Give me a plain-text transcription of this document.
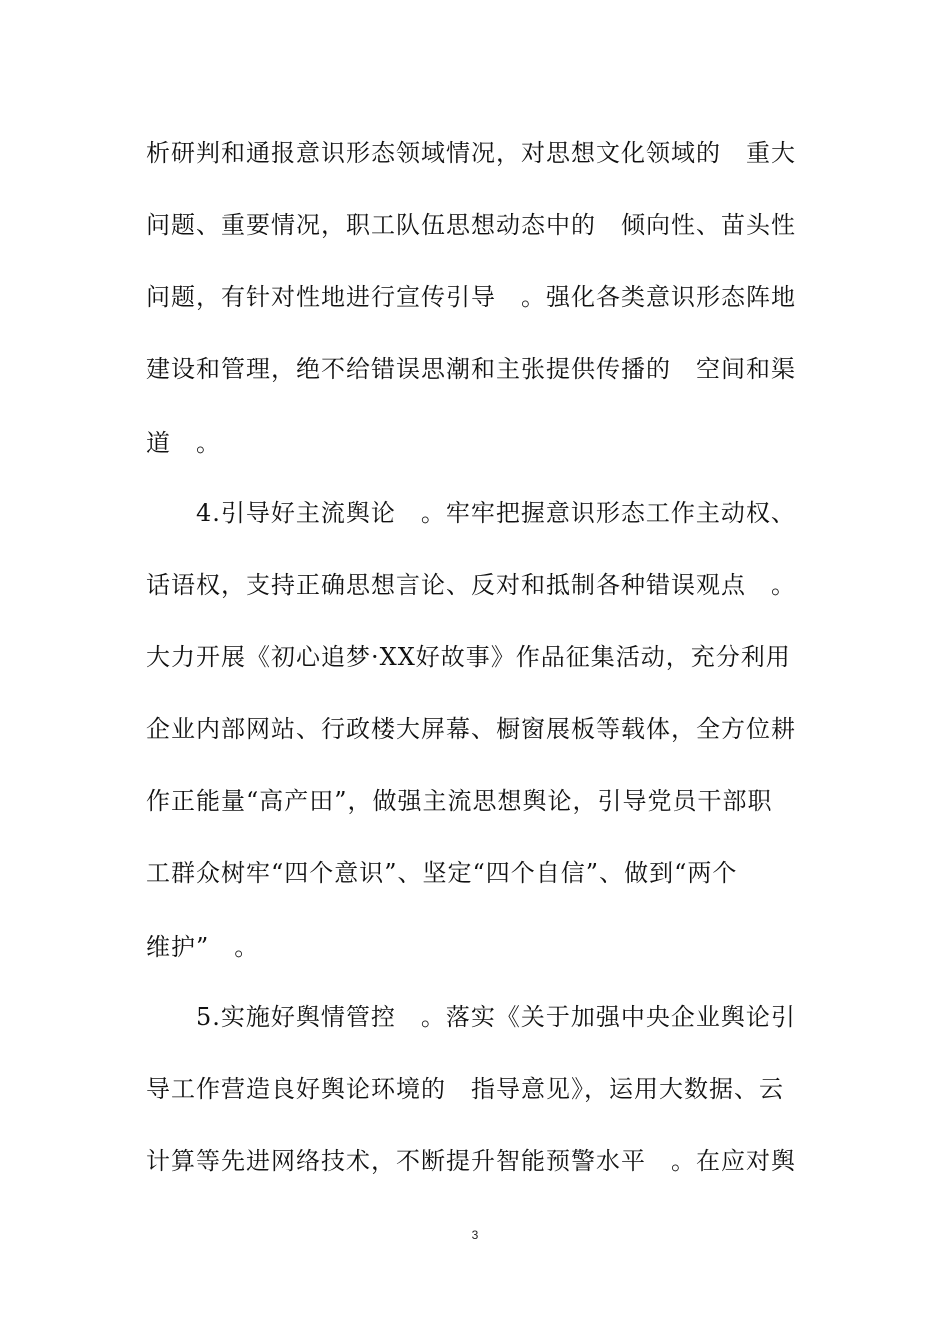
析研判和通报意识形态领域情况，对思想文化领域的　重大
问题、重要情况，职工队伍思想动态中的　倾向性、苗头性
问题，有针对性地进行宣传引导　。强化各类意识形态阵地
建设和管理，绝不给错误思潮和主张提供传播的　空间和渠
道　。
4.引导好主流舆论　。牢牢把握意识形态工作主动权、
话语权，支持正确思想言论、反对和抵制各种错误观点　。
大力开展《初心追梦·XX好故事》作品征集活动，充分利用
企业内部网站、行政楼大屏幕、橱窗展板等载体，全方位耕
作正能量“高产田”，做强主流思想舆论，引导党员干部职
工群众树牢“四个意识”、坚定“四个自信”、做到“两个
维护”　。
5.实施好舆情管控　。落实《关于加强中央企业舆论引
导工作营造良好舆论环境的　指导意见》，运用大数据、云
计算等先进网络技术，不断提升智能预警水平　。在应对舆
3
